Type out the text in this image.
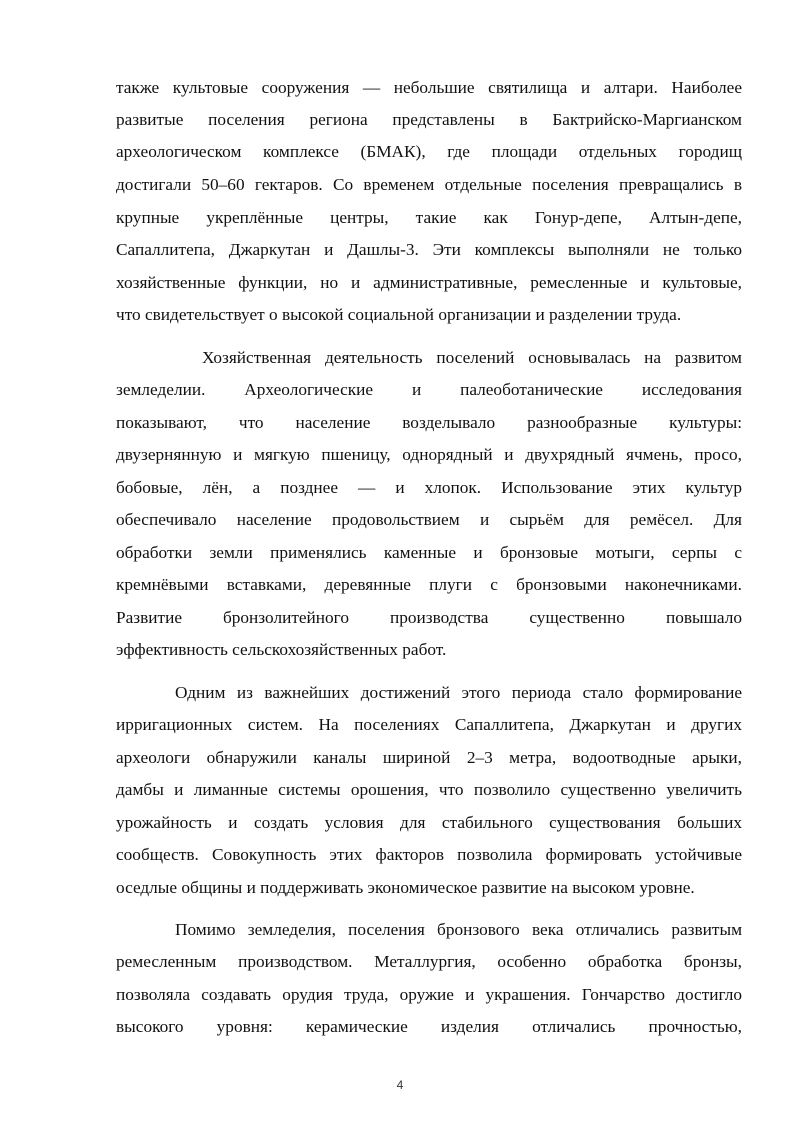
также культовые сооружения — небольшие святилища и алтари. Наиболее
развитые поселения региона представлены в Бактрийско-Маргианском
археологическом комплексе (БМАК), где площади отдельных городищ
достигали 50–60 гектаров. Со временем отдельные поселения превращались в
крупные укреплённые центры, такие как Гонур-депе, Алтын-депе,
Сапаллитепа, Джаркутан и Дашлы-3. Эти комплексы выполняли не только
хозяйственные функции, но и административные, ремесленные и культовые,
что свидетельствует о высокой социальной организации и разделении труда.
Хозяйственная деятельность поселений основывалась на развитом
земледелии. Археологические и палеоботанические исследования
показывают, что население возделывало разнообразные культуры:
двузернянную и мягкую пшеницу, однорядный и двухрядный ячмень, просо,
бобовые, лён, а позднее — и хлопок. Использование этих культур
обеспечивало население продовольствием и сырьём для ремёсел. Для
обработки земли применялись каменные и бронзовые мотыги, серпы с
кремнёвыми вставками, деревянные плуги с бронзовыми наконечниками.
Развитие бронзолитейного производства существенно повышало
эффективность сельскохозяйственных работ.
Одним из важнейших достижений этого периода стало формирование
ирригационных систем. На поселениях Сапаллитепа, Джаркутан и других
археологи обнаружили каналы шириной 2–3 метра, водоотводные арыки,
дамбы и лиманные системы орошения, что позволило существенно увеличить
урожайность и создать условия для стабильного существования больших
сообществ. Совокупность этих факторов позволила формировать устойчивые
оседлые общины и поддерживать экономическое развитие на высоком уровне.
Помимо земледелия, поселения бронзового века отличались развитым
ремесленным производством. Металлургия, особенно обработка бронзы,
позволяла создавать орудия труда, оружие и украшения. Гончарство достигло
высокого уровня: керамические изделия отличались прочностью,
4
